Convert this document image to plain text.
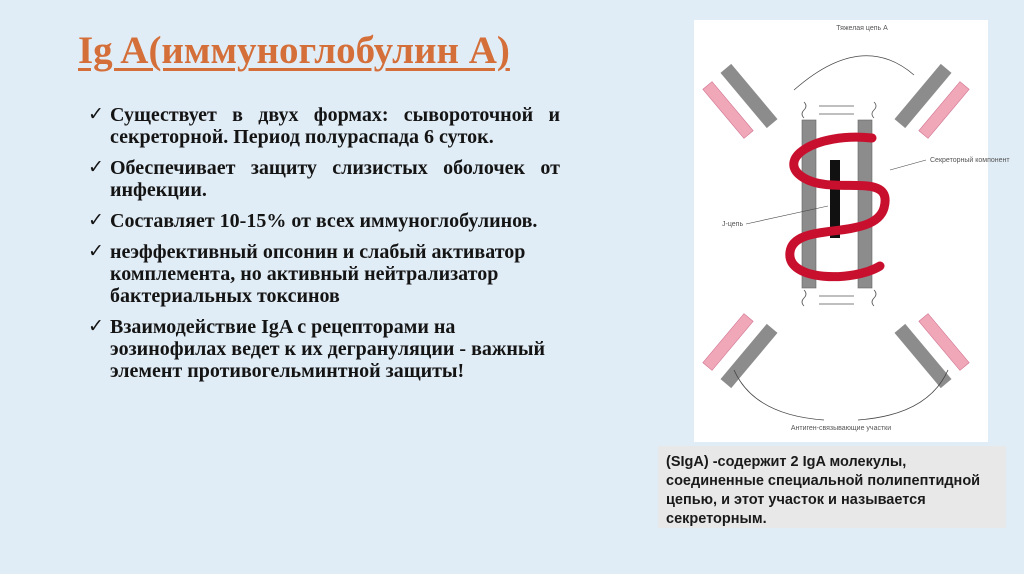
Ig A(иммуноглобулин А)
✓ Существует в двух формах: сывороточной и секреторной. Период полураспада 6 суток.
✓ Обеспечивает защиту слизистых оболочек от инфекции.
✓ Составляет 10-15% от всех иммуноглобулинов.
✓ неэффективный опсонин и слабый активатор комплемента, но активный нейтрализатор бактериальных токсинов
✓ Взаимодействие IgA с рецепторами на эозинофилах ведет к их дегрануляции - важный элемент противогельминтной защиты!
Тяжелая цепь А
Секреторный компонент
J-цепь
Антиген-связывающие участки
(SIgA) -содержит 2 IgA молекулы, соединенные специальной полипептидной цепью, и этот участок и называется секреторным.
